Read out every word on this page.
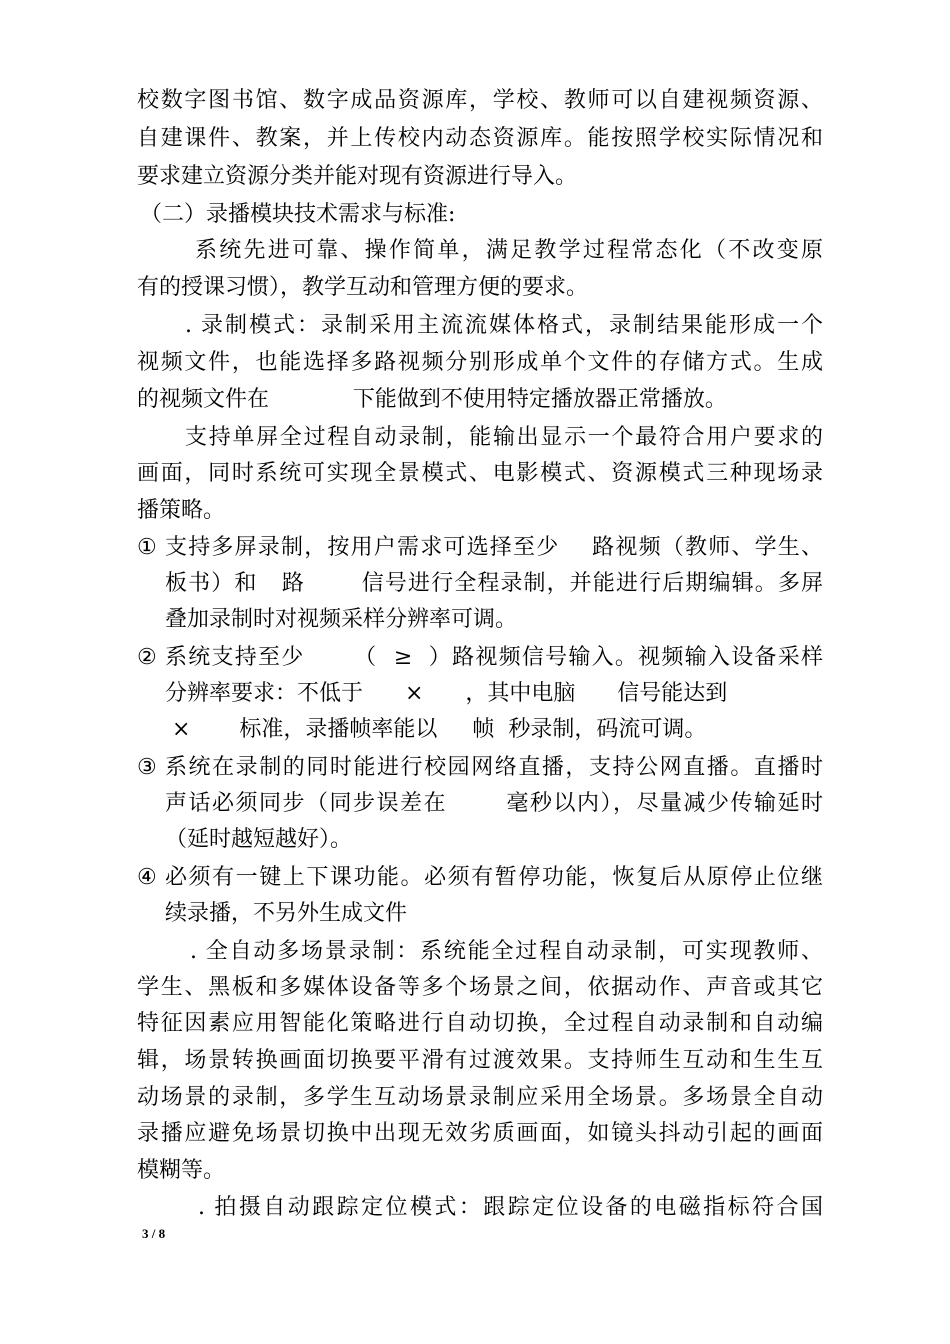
校数字图书馆、数字成品资源库，学校、教师可以自建视频资源、
自建课件、教案，并上传校内动态资源库。能按照学校实际情况和
要求建立资源分类并能对现有资源进行导入。
（二）录播模块技术需求与标准:
系统先进可靠、操作简单，满足教学过程常态化（不改变原
有的授课习惯），教学互动和管理方便的要求。
. 录制模式：录制采用主流流媒体格式，录制结果能形成一个
视频文件，也能选择多路视频分别形成单个文件的存储方式。生成
的视频文件在            下能做到不使用特定播放器正常播放。
支持单屏全过程自动录制，能输出显示一个最符合用户要求的
画面，同时系统可实现全景模式、电影模式、资源模式三种现场录
播策略。
① 支持多屏录制，按用户需求可选择至少    路视频（教师、学生、
板书）和   路       信号进行全程录制，并能进行后期编辑。多屏
叠加录制时对视频采样分辨率可调。
② 系统支持至少      （  ≥  ）路视频信号输入。视频输入设备采样
分辨率要求：不低于      ×      ，其中电脑      信号能达到
×       标准，录播帧率能以     帧  秒录制，码流可调。
③ 系统在录制的同时能进行校园网络直播，支持公网直播。直播时
声话必须同步（同步误差在       毫秒以内），尽量减少传输延时
（延时越短越好）。
④ 必须有一键上下课功能。必须有暂停功能，恢复后从原停止位继
续录播，不另外生成文件
. 全自动多场景录制：系统能全过程自动录制，可实现教师、
学生、黑板和多媒体设备等多个场景之间，依据动作、声音或其它
特征因素应用智能化策略进行自动切换，全过程自动录制和自动编
辑，场景转换画面切换要平滑有过渡效果。支持师生互动和生生互
动场景的录制，多学生互动场景录制应采用全场景。多场景全自动
录播应避免场景切换中出现无效劣质画面，如镜头抖动引起的画面
模糊等。
. 拍摄自动跟踪定位模式：跟踪定位设备的电磁指标符合国
3 / 8
